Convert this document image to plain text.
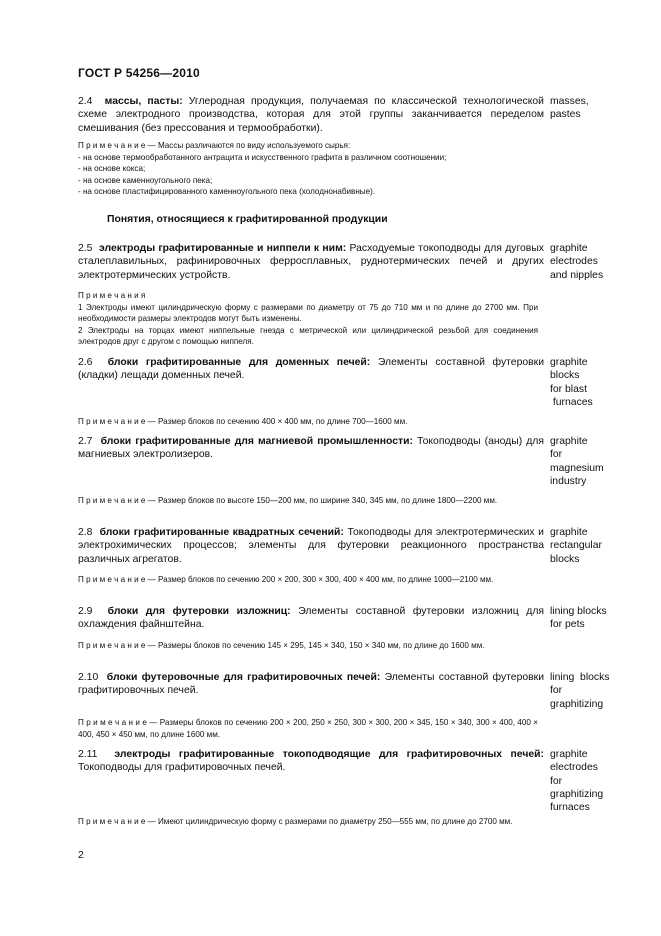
ГОСТ Р 54256—2010
2.4 массы, пасты: Углеродная продукция, получаемая по классической технологической схеме электродного производства, которая для этой группы заканчивается переделом смешивания (без прессования и термообработки).
masses,
pastes
П р и м е ч а н и е — Массы различаются по виду используемого сырья:
- на основе термообработанного антрацита и искусственного графита в различном соотношении;
- на основе кокса;
- на основе каменноугольного пека;
- на основе пластифицированного каменноугольного пека (холоднонабивные).
Понятия, относящиеся к графитированной продукции
2.5 электроды графитированные и ниппели к ним: Расходуемые токоподводы для дуговых сталеплавильных, рафинировочных ферросплавных, руднотермических печей и других электротермических устройств.
graphite
electrodes
and nipples
П р и м е ч а н и я
1 Электроды имеют цилиндрическую форму с размерами по диаметру от 75 до 710 мм и по длине до 2700 мм. При необходимости размеры электродов могут быть изменены.
2 Электроды на торцах имеют ниппельные гнезда с метрической или цилиндрической резьбой для соединения электродов друг с другом с помощью ниппеля.
2.6 блоки графитированные для доменных печей: Элементы составной футеровки (кладки) лещади доменных печей.
graphite
blocks
for blast
furnaces
П р и м е ч а н и е — Размер блоков по сечению 400 × 400 мм, по длине 700—1600 мм.
2.7 блоки графитированные для магниевой промышленности: Токоподводы (аноды) для магниевых электролизеров.
graphite
for
magnesium
industry
П р и м е ч а н и е — Размер блоков по высоте 150—200 мм, по ширине 340, 345 мм, по длине 1800—2200 мм.
2.8 блоки графитированные квадратных сечений: Токоподводы для электротермических и электрохимических процессов; элементы для футеровки реакционного пространства различных агрегатов.
graphite
rectangular
blocks
П р и м е ч а н и е — Размер блоков по сечению 200 × 200, 300 × 300, 400 × 400 мм, по длине 1000—2100 мм.
2.9 блоки для футеровки изложниц: Элементы составной футеровки изложниц для охлаждения файнштейна.
lining blocks
for pets
П р и м е ч а н и е — Размеры блоков по сечению 145 × 295, 145 × 340, 150 × 340 мм, по длине до 1600 мм.
2.10 блоки футеровочные для графитировочных печей: Элементы составной футеровки графитировочных печей.
lining  blocks
for
graphitizing
П р и м е ч а н и е — Размеры блоков по сечению 200 × 200, 250 × 250, 300 × 300, 200 × 345, 150 × 340, 300 × 400, 400 × 400, 450 × 450 мм, по длине 1600 мм.
2.11 электроды графитированные токоподводящие для графитировочных печей: Токоподводы для графитировочных печей.
graphite
electrodes
for
graphitizing
furnaces
П р и м е ч а н и е — Имеют цилиндрическую форму с размерами по диаметру 250—555 мм, по длине до 2700 мм.
2
